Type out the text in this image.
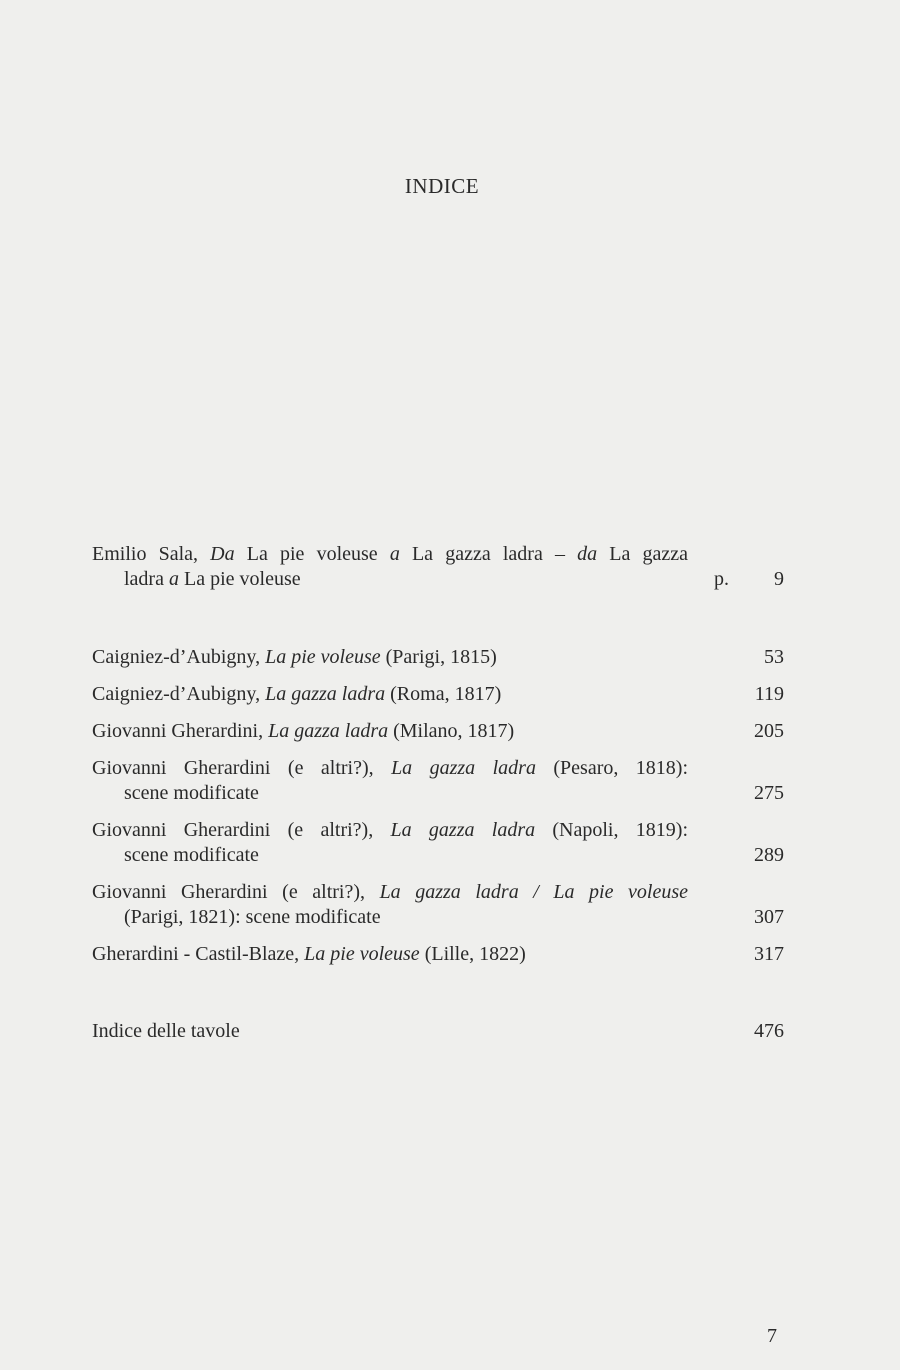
INDICE
Emilio Sala, Da La pie voleuse a La gazza ladra – da La gazza
ladra a La pie voleuse	p. 9
Caigniez-d’Aubigny, La pie voleuse (Parigi, 1815)	53
Caigniez-d’Aubigny, La gazza ladra (Roma, 1817)	119
Giovanni Gherardini, La gazza ladra (Milano, 1817)	205
Giovanni Gherardini (e altri?), La gazza ladra (Pesaro, 1818):
scene modificate	275
Giovanni Gherardini (e altri?), La gazza ladra (Napoli, 1819):
scene modificate	289
Giovanni Gherardini (e altri?), La gazza ladra / La pie voleuse
(Parigi, 1821): scene modificate	307
Gherardini - Castil-Blaze, La pie voleuse (Lille, 1822)	317
Indice delle tavole	476
7
